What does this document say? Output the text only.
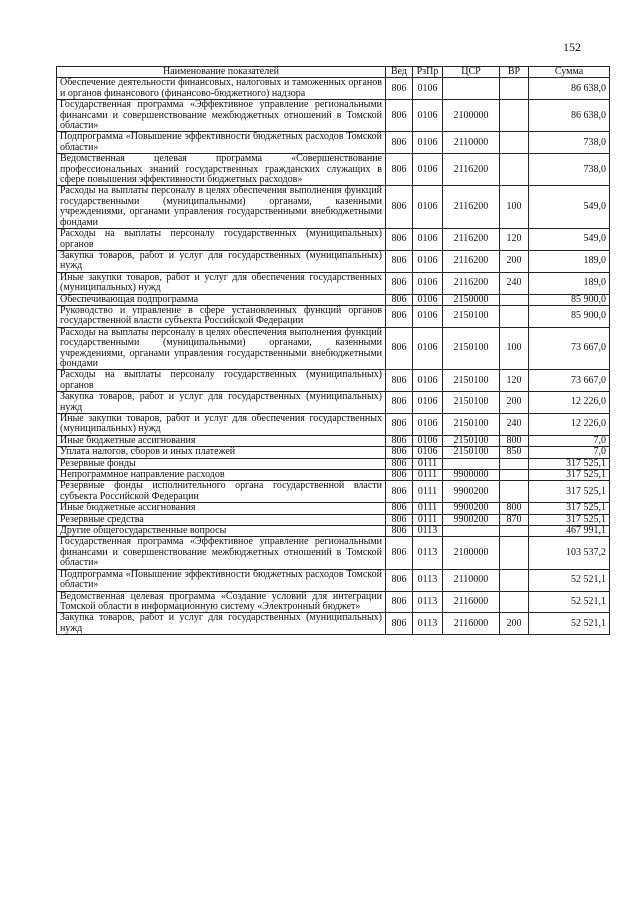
152
Наименование показателей	Вед	РзПр	ЦСР	ВР	Сумма
Обеспечение деятельности финансовых, налоговых и таможенных органов и органов финансового (финансово-бюджетного) надзора	806	0106			86 638,0
Государственная программа «Эффективное управление региональными финансами и совершенствование межбюджетных отношений в Томской области»	806	0106	2100000		86 638,0
Подпрограмма «Повышение эффективности бюджетных расходов Томской области»	806	0106	2110000		738,0
Ведомственная целевая программа «Совершенствование профессиональных знаний государственных гражданских служащих в сфере повышения эффективности бюджетных расходов»	806	0106	2116200		738,0
Расходы на выплаты персоналу в целях обеспечения выполнения функций государственными (муниципальными) органами, казенными учреждениями, органами управления государственными внебюджетными фондами	806	0106	2116200	100	549,0
Расходы на выплаты персоналу государственных (муниципальных) органов	806	0106	2116200	120	549,0
Закупка товаров, работ и услуг для государственных (муниципальных) нужд	806	0106	2116200	200	189,0
Иные закупки товаров, работ и услуг для обеспечения государственных (муниципальных) нужд	806	0106	2116200	240	189,0
Обеспечивающая подпрограмма	806	0106	2150000		85 900,0
Руководство и управление в сфере установленных функций органов государственной власти субъекта Российской Федерации	806	0106	2150100		85 900,0
Расходы на выплаты персоналу в целях обеспечения выполнения функций государственными (муниципальными) органами, казенными учреждениями, органами управления государственными внебюджетными фондами	806	0106	2150100	100	73 667,0
Расходы на выплаты персоналу государственных (муниципальных) органов	806	0106	2150100	120	73 667,0
Закупка товаров, работ и услуг для государственных (муниципальных) нужд	806	0106	2150100	200	12 226,0
Иные закупки товаров, работ и услуг для обеспечения государственных (муниципальных) нужд	806	0106	2150100	240	12 226,0
Иные бюджетные ассигнования	806	0106	2150100	800	7,0
Уплата налогов, сборов и иных платежей	806	0106	2150100	850	7,0
Резервные фонды	806	0111			317 525,1
Непрограммное направление расходов	806	0111	9900000		317 525,1
Резервные фонды исполнительного органа государственной власти субъекта Российской Федерации	806	0111	9900200		317 525,1
Иные бюджетные ассигнования	806	0111	9900200	800	317 525,1
Резервные средства	806	0111	9900200	870	317 525,1
Другие общегосударственные вопросы	806	0113			467 991,1
Государственная программа «Эффективное управление региональными финансами и совершенствование межбюджетных отношений в Томской области»	806	0113	2100000		103 537,2
Подпрограмма «Повышение эффективности бюджетных расходов Томской области»	806	0113	2110000		52 521,1
Ведомственная целевая программа «Создание условий для интеграции Томской области в информационную систему «Электронный бюджет»	806	0113	2116000		52 521,1
Закупка товаров, работ и услуг для государственных (муниципальных) нужд	806	0113	2116000	200	52 521,1
